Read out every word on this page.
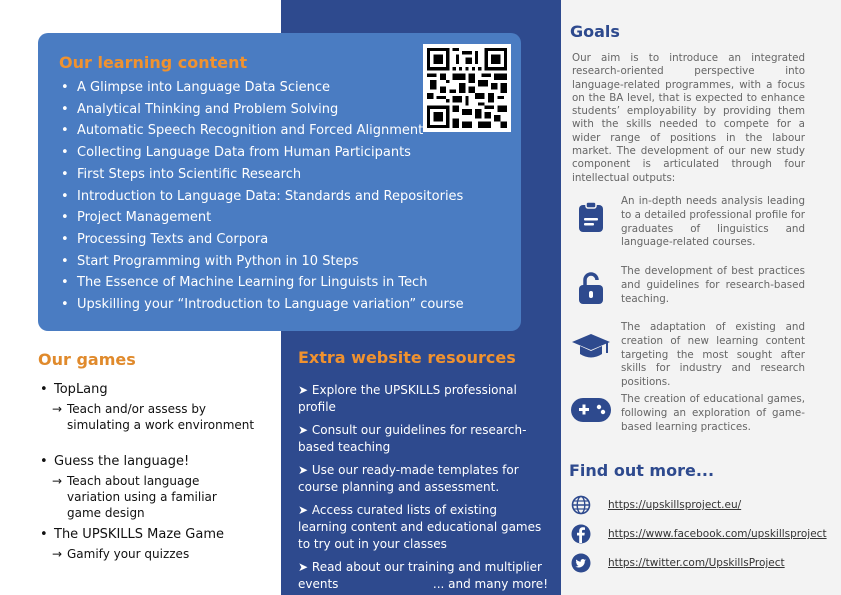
Our learning content
• A Glimpse into Language Data Science
• Analytical Thinking and Problem Solving
• Automatic Speech Recognition and Forced Alignment
• Collecting Language Data from Human Participants
• First Steps into Scientific Research
• Introduction to Language Data: Standards and Repositories
• Project Management
• Processing Texts and Corpora
• Start Programming with Python in 10 Steps
• The Essence of Machine Learning for Linguists in Tech
• Upskilling your “Introduction to Language variation” course
Our games
• TopLang
→ Teach and/or assess by simulating a work environment
• Guess the language!
→ Teach about language variation using a familiar game design
• The UPSKILLS Maze Game
→ Gamify your quizzes
Extra website resources
➤ Explore the UPSKILLS professional profile
➤ Consult our guidelines for research-based teaching
➤ Use our ready-made templates for course planning and assessment.
➤ Access curated lists of existing learning content and educational games to try out in your classes
➤ Read about our training and multiplier events	... and many more!
Goals

Our aim is to introduce an integrated research-oriented perspective into language-related programmes, with a focus on the BA level, that is expected to enhance students’ employability by providing them with the skills needed to compete for a wider range of positions in the labour market. The development of our new study component is articulated through four intellectual outputs:

An in-depth needs analysis leading to a detailed professional profile for graduates of linguistics and language-related courses.

The development of best practices and guidelines for research-based teaching.

The adaptation of existing and creation of new learning content targeting the most sought after skills for industry and research positions.

The creation of educational games, following an exploration of game-based learning practices.

Find out more...
https://upskillsproject.eu/
https://www.facebook.com/upskillsproject
https://twitter.com/UpskillsProject
